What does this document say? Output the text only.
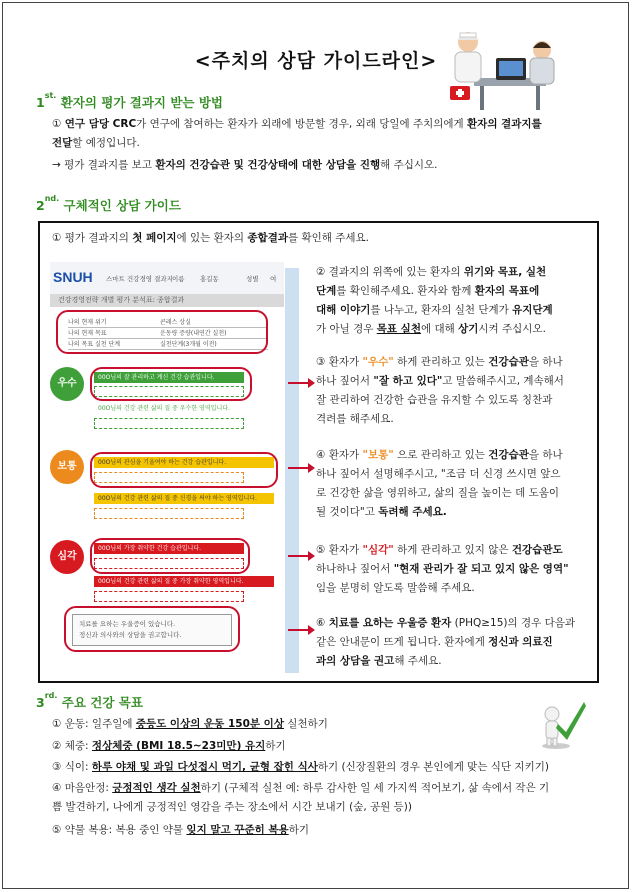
<주치의 상담 가이드라인>
$1^{st.}$ 환자의 평가 결과지 받는 방법
① 연구 담당 CRC가 연구에 참여하는 환자가 외래에 방문할 경우, 외래 당일에 주치의에게 환자의 결과지를
전달할 예정입니다.
→ 평가 결과지를 보고 환자의 건강습관 및 건강상태에 대한 상담을 진행해 주십시오.
$2^{nd.}$ 구체적인 상담 가이드
① 평가 결과지의 첫 페이지에 있는 환자의 종합결과를 확인해 주세요.
SNUH 스마트 건강경영 결과지 이름 홍길동	성별 여
건강경영전략 개별 평가 분석표: 종합결과
나의 현재 위기	콘레스 상실
나의 현재 목표	운동량 증량(내연간 실천)
나의 목표 실천 단계	실천단계(3개월 이전)
우수
00O님의 잘 관리하고 계신 건강 습관입니다.
00O님의 건강 관련 삶의 질 중 우수한 영역입니다.
보통	00O님의 관심을 기울여야 하는 건강 습관입니다.
00O님의 건강 관련 삶의 질 중 신경을 써야 하는 영역입니다.
심각
00O님의 가장 취약한 건강 습관입니다.
00O님의 건강 관련 삶의 질 중 가장 취약한 영역입니다.
치료를 요하는 우울증이 있습니다.
정신과 의사와의 상담을 권고합니다.
② 결과지의 위쪽에 있는 환자의 위기와 목표, 실천
단계를 확인해주세요. 환자와 함께 환자의 목표에
대해 이야기를 나누고, 환자의 실천 단계가 유지단계
가 아닐 경우 목표 실천에 대해 상기시켜 주십시오.
③ 환자가 "우수" 하게 관리하고 있는 건강습관을 하나
하나 짚어서 "잘 하고 있다"고 말씀해주시고, 계속해서
잘 관리하여 건강한 습관을 유지할 수 있도록 칭찬과
격려를 해주세요.
④ 환자가 "보통" 으로 관리하고 있는 건강습관을 하나
하나 짚어서 설명해주시고, "조금 더 신경 쓰시면 앞으
로 건강한 삶을 영위하고, 삶의 질을 높이는 데 도움이
될 것이다"고 독려해 주세요.
⑤ 환자가 "심각" 하게 관리하고 있지 않은 건강습관도
하나하나 짚어서 "현재 관리가 잘 되고 있지 않은 영역"
임을 분명히 알도록 말씀해 주세요.
⑥ 치료를 요하는 우울증 환자 (PHQ≥15)의 경우 다음과
같은 안내문이 뜨게 됩니다. 환자에게 정신과 의료진
과의 상담을 권고해 주세요.
$3^{rd.}$ 주요 건강 목표
① 운동: 일주일에 중등도 이상의 운동 150분 이상 실천하기
② 체중: 정상체중 (BMI 18.5~23미만) 유지하기
③ 식이: 하루 야채 및 과일 다섯접시 먹기, 균형 잡힌 식사하기 (신장질환의 경우 본인에게 맞는 식단 지키기)
④ 마음안정: 긍정적인 생각 실천하기 (구체적 실천 예: 하루 감사한 일 세 가지씩 적어보기, 삶 속에서 작은 기
쁨 발견하기, 나에게 긍정적인 영감을 주는 장소에서 시간 보내기 (숲, 공원 등))
⑤ 약물 복용: 복용 중인 약물 잊지 말고 꾸준히 복용하기
